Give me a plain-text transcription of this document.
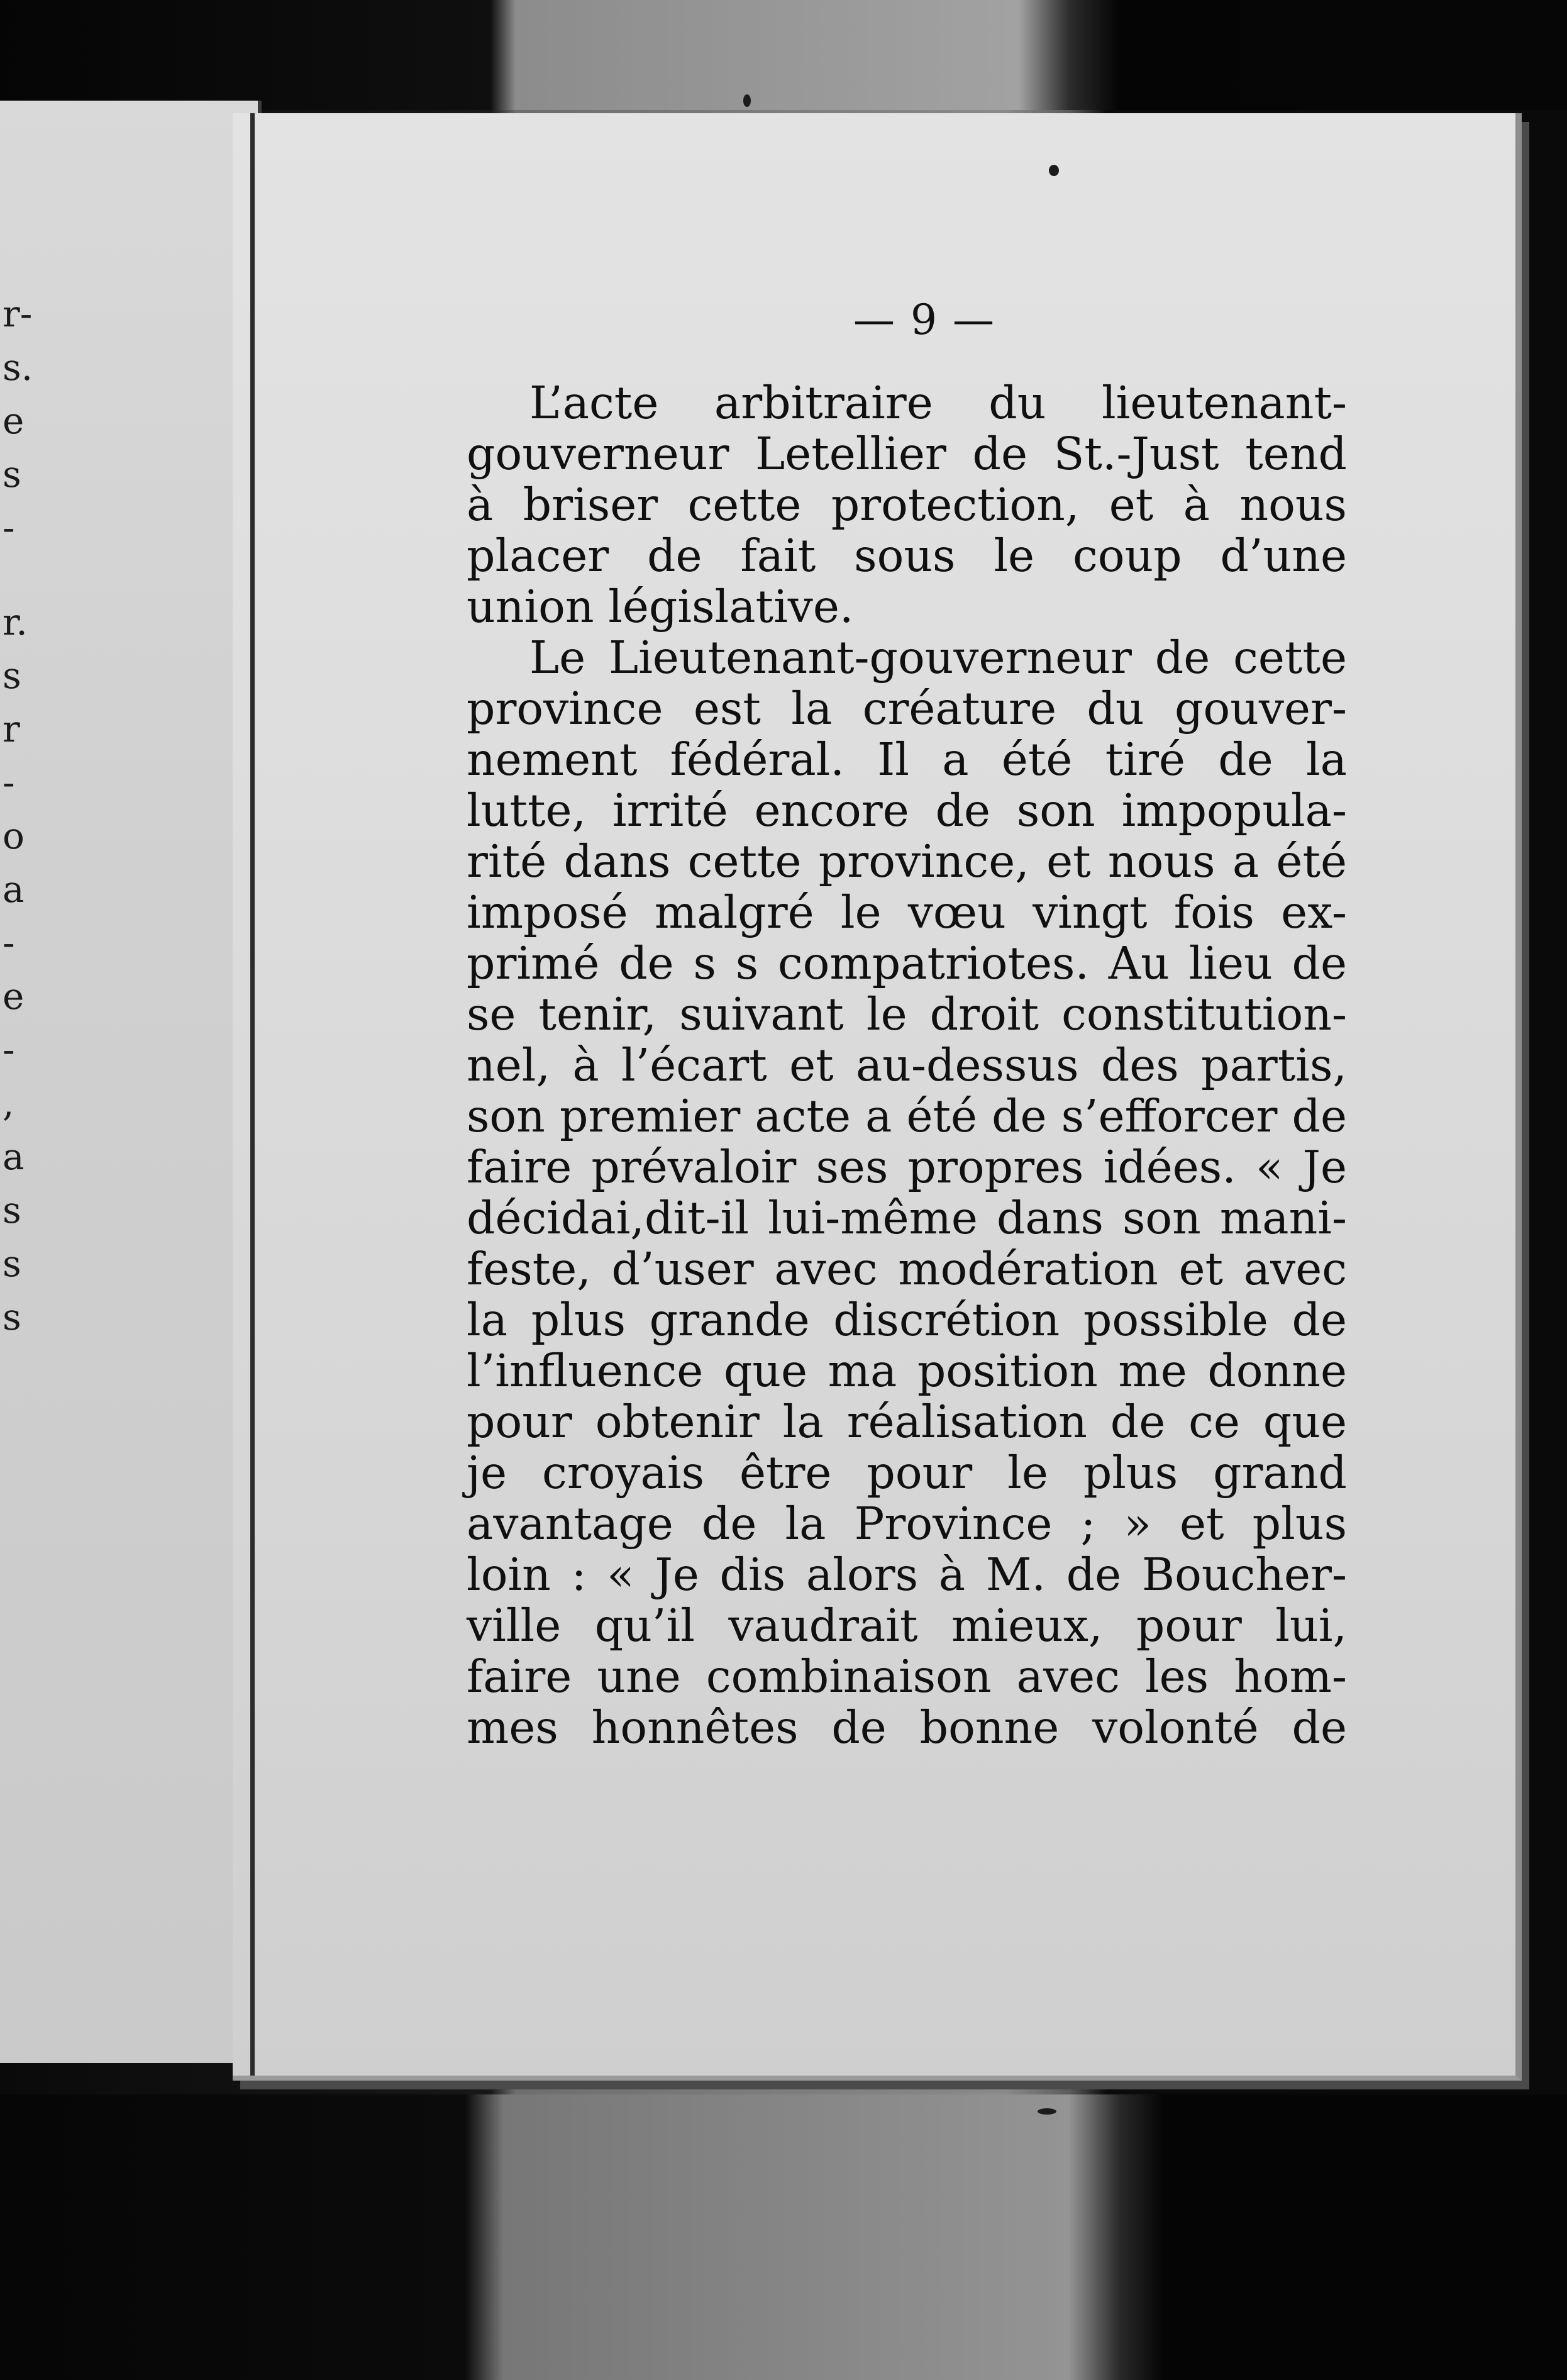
r-
s.
e
s
-
r.
s
r
-
o
a
-
e
-
,
a
s
s
s
— 9 —
L’acte arbitraire du lieutenant-
gouverneur Letellier de St.-Just tend
à briser cette protection, et à nous
placer de fait sous le coup d’une
union législative.
Le Lieutenant-gouverneur de cette
province est la créature du gouver-
nement fédéral. Il a été tiré de la
lutte, irrité encore de son impopula-
rité dans cette province, et nous a été
imposé malgré le vœu vingt fois ex-
primé de s s compatriotes. Au lieu de
se tenir, suivant le droit constitution-
nel, à l’écart et au-dessus des partis,
son premier acte a été de s’efforcer de
faire prévaloir ses propres idées. « Je
décidai,dit-il lui-même dans son mani-
feste, d’user avec modération et avec
la plus grande discrétion possible de
l’influence que ma position me donne
pour obtenir la réalisation de ce que
je croyais être pour le plus grand
avantage de la Province ; » et plus
loin : « Je dis alors à M. de Boucher-
ville qu’il vaudrait mieux, pour lui,
faire une combinaison avec les hom-
mes honnêtes de bonne volonté de
